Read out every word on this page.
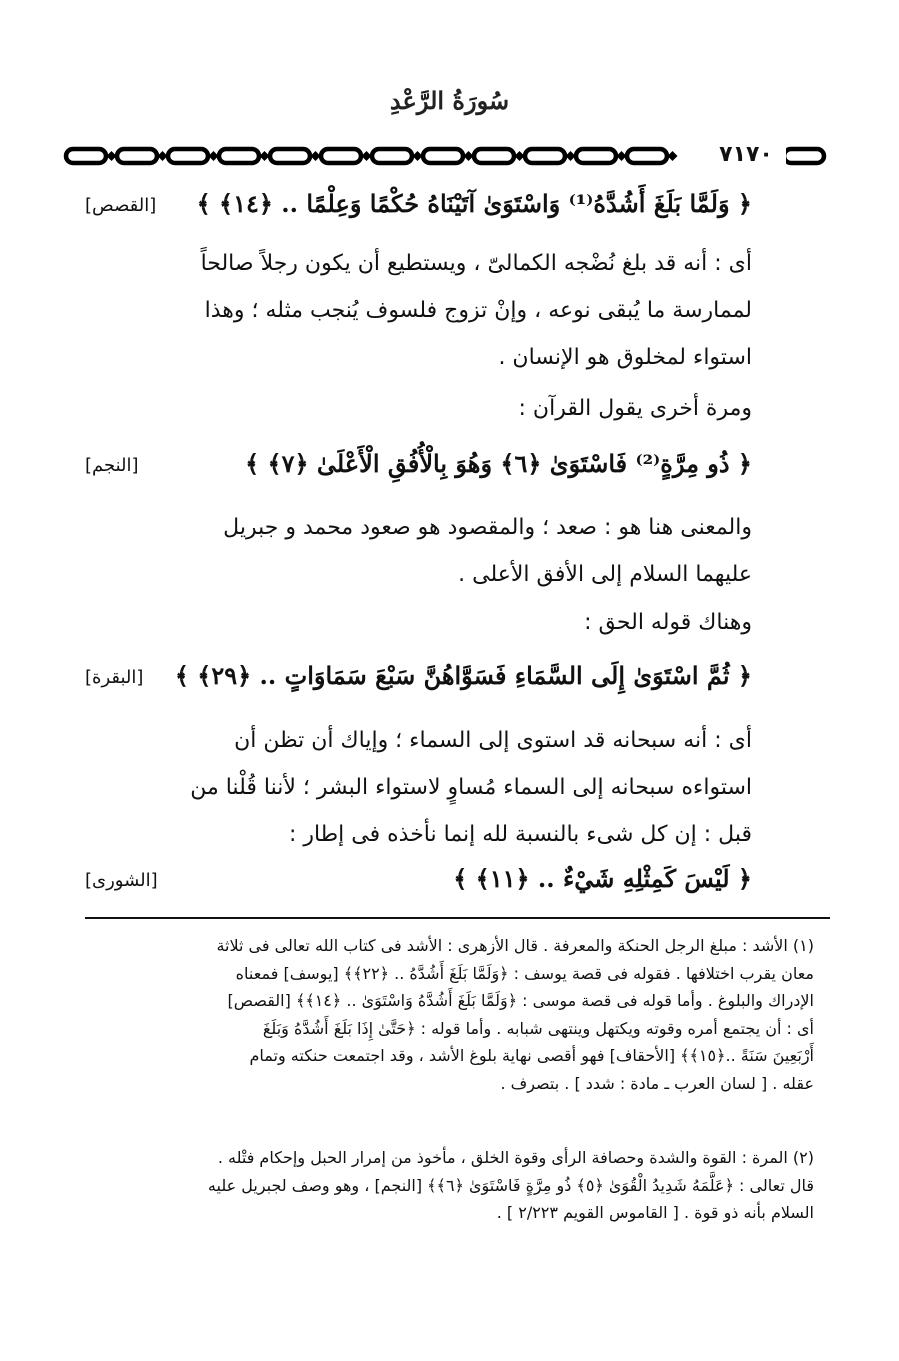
سُورَةُ الرَّعْدِ
٧١٧٠
﴿ وَلَمَّا بَلَغَ أَشُدَّهُ⁽¹⁾ وَاسْتَوَىٰ آتَيْنَاهُ حُكْمًا وَعِلْمًا .. ﴿١٤﴾ ﴾
[القصص]

أى : أنه قد بلغ نُضْجه الكمالىّ ، ويستطيع أن يكون رجلاً صالحاً

لممارسة ما يُبقى نوعه ، وإنْ تزوج فلسوف يُنجب مثله ؛ وهذا

استواء لمخلوق هو الإنسان .

ومرة أخرى يقول القرآن :
﴿ ذُو مِرَّةٍ⁽²⁾ فَاسْتَوَىٰ ﴿٦﴾ وَهُوَ بِالْأُفُقِ الْأَعْلَىٰ ﴿٧﴾ ﴾
[النجم]

والمعنى هنا هو : صعد ؛ والمقصود هو صعود محمد و جبريل

عليهما السلام إلى الأفق الأعلى .

وهناك قوله الحق :
﴿ ثُمَّ اسْتَوَىٰ إِلَى السَّمَاءِ فَسَوَّاهُنَّ سَبْعَ سَمَاوَاتٍ .. ﴿٢٩﴾ ﴾
[البقرة]

أى : أنه سبحانه قد استوى إلى السماء ؛ وإياك أن تظن أن

استواءه سبحانه إلى السماء مُساوٍ لاستواء البشر ؛ لأننا قُلْنا من

قبل : إن كل شىء بالنسبة لله إنما نأخذه فى إطار :

﴿ لَيْسَ كَمِثْلِهِ شَيْءٌ .. ﴿١١﴾ ﴾
[الشورى]

(١) الأشد : مبلغ الرجل الحنكة والمعرفة . قال الأزهرى : الأشد فى كتاب الله تعالى فى ثلاثة

معان يقرب اختلافها . فقوله فى قصة يوسف : ﴿وَلَمَّا بَلَغَ أَشُدَّهُ .. ﴿٢٢﴾﴾ [يوسف] فمعناه

الإدراك والبلوغ . وأما قوله فى قصة موسى : ﴿وَلَمَّا بَلَغَ أَشُدَّهُ وَاسْتَوَىٰ .. ﴿١٤﴾﴾ [القصص]

أى : أن يجتمع أمره وقوته ويكتهل وينتهى شبابه . وأما قوله : ﴿حَتَّىٰ إِذَا بَلَغَ أَشُدَّهُ وَبَلَغَ

أَرْبَعِينَ سَنَةً ..﴿١٥﴾﴾ [الأحقاف] فهو أقصى نهاية بلوغ الأشد ، وقد اجتمعت حنكته وتمام

عقله . [ لسان العرب ـ مادة : شدد ] . بتصرف .

(٢) المرة : القوة والشدة وحصافة الرأى وقوة الخلق ، مأخوذ من إمرار الحبل وإحكام فتْله .

قال تعالى : ﴿عَلَّمَهُ شَدِيدُ الْقُوَىٰ ﴿٥﴾ ذُو مِرَّةٍ فَاسْتَوَىٰ ﴿٦﴾﴾ [النجم] ، وهو وصف لجبريل عليه

السلام بأنه ذو قوة . [ القاموس القويم ٢/٢٢٣ ] .
